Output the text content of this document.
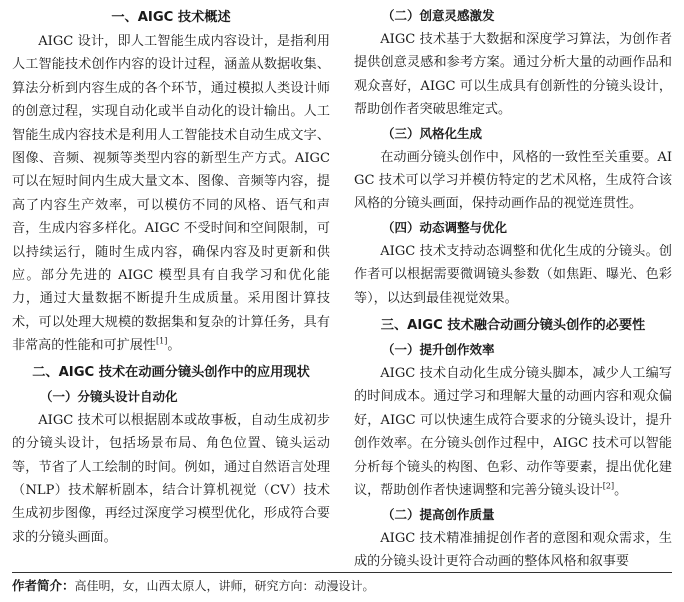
一、AIGC 技术概述

AIGC 设计，即人工智能生成内容设计，是指利用人工智能技术创作内容的设计过程，涵盖从数据收集、算法分析到内容生成的各个环节，通过模拟人类设计师的创意过程，实现自动化或半自动化的设计输出。人工智能生成内容技术是利用人工智能技术自动生成文字、图像、音频、视频等类型内容的新型生产方式。AIGC 可以在短时间内生成大量文本、图像、音频等内容，提高了内容生产效率，可以模仿不同的风格、语气和声音，生成内容多样化。AIGC 不受时间和空间限制，可以持续运行，随时生成内容，确保内容及时更新和供应。部分先进的 AIGC 模型具有自我学习和优化能力，通过大量数据不断提升生成质量。采用图计算技术，可以处理大规模的数据集和复杂的计算任务，具有非常高的性能和可扩展性[1]。

二、AIGC 技术在动画分镜头创作中的应用现状
（一）分镜头设计自动化

AIGC 技术可以根据剧本或故事板，自动生成初步的分镜头设计，包括场景布局、角色位置、镜头运动等，节省了人工绘制的时间。例如，通过自然语言处理（NLP）技术解析剧本，结合计算机视觉（CV）技术生成初步图像，再经过深度学习模型优化，形成符合要求的分镜头画面。

（二）创意灵感激发

AIGC 技术基于大数据和深度学习算法，为创作者提供创意灵感和参考方案。通过分析大量的动画作品和观众喜好，AIGC 可以生成具有创新性的分镜头设计，帮助创作者突破思维定式。

（三）风格化生成

在动画分镜头创作中，风格的一致性至关重要。AIGC 技术可以学习并模仿特定的艺术风格，生成符合该风格的分镜头画面，保持动画作品的视觉连贯性。

（四）动态调整与优化

AIGC 技术支持动态调整和优化生成的分镜头。创作者可以根据需要微调镜头参数（如焦距、曝光、色彩等），以达到最佳视觉效果。

三、AIGC 技术融合动画分镜头创作的必要性
（一）提升创作效率

AIGC 技术自动化生成分镜头脚本，减少人工编写的时间成本。通过学习和理解大量的动画内容和观众偏好，AIGC 可以快速生成符合要求的分镜头设计，提升创作效率。在分镜头创作过程中，AIGC 技术可以智能分析每个镜头的构图、色彩、动作等要素，提出优化建议，帮助创作者快速调整和完善分镜头设计[2]。

（二）提高创作质量

AIGC 技术精准捕捉创作者的意图和观众需求，生成的分镜头设计更符合动画的整体风格和叙事要

作者简介：高佳明，女，山西太原人，讲师，研究方向：动漫设计。
